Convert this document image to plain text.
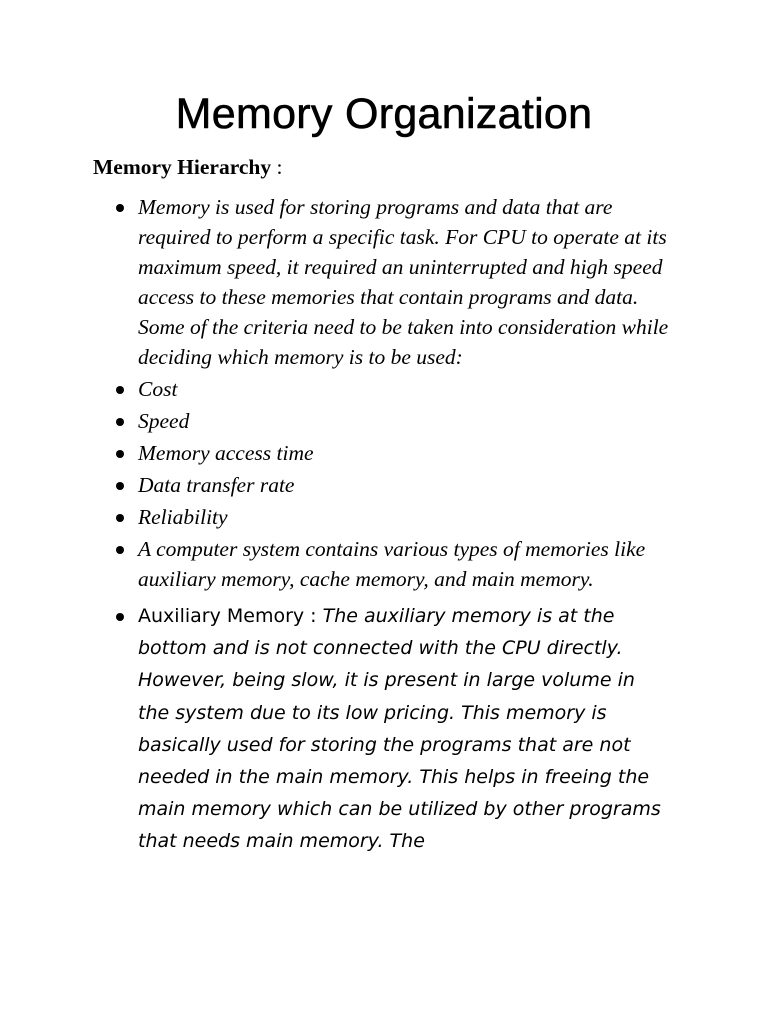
Memory Organization

Memory Hierarchy :

Memory is used for storing programs and data that are required to perform a specific task. For CPU to operate at its maximum speed, it required an uninterrupted and high speed access to these memories that contain programs and data. Some of the criteria need to be taken into consideration while deciding which memory is to be used:
Cost
Speed
Memory access time
Data transfer rate
Reliability
A computer system contains various types of memories like auxiliary memory, cache memory, and main memory.
Auxiliary Memory : The auxiliary memory is at the bottom and is not connected with the CPU directly. However, being slow, it is present in large volume in the system due to its low pricing. This memory is basically used for storing the programs that are not needed in the main memory. This helps in freeing the main memory which can be utilized by other programs that needs main memory. The
